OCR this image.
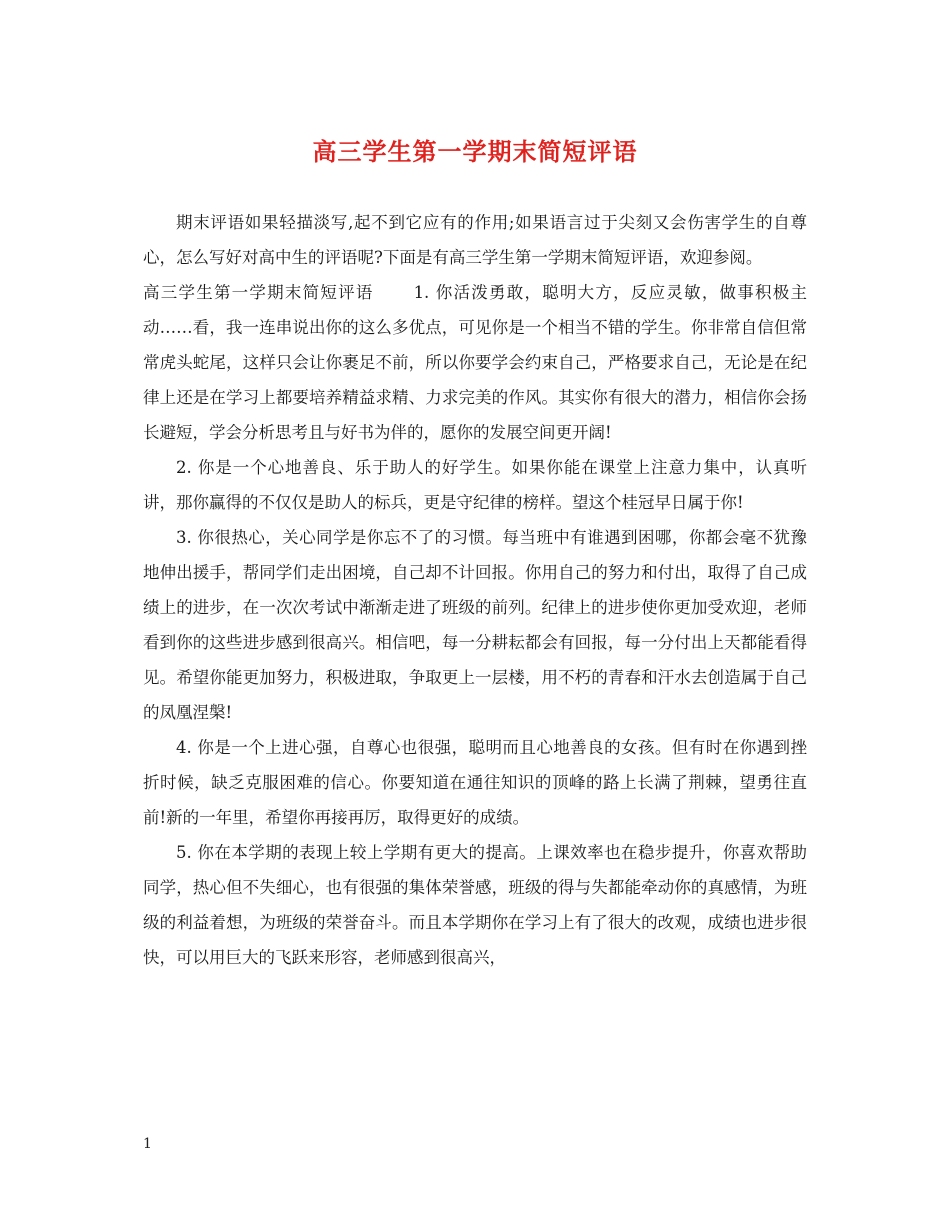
高三学生第一学期末简短评语

期末评语如果轻描淡写,起不到它应有的作用;如果语言过于尖刻又会伤害学生的自尊心，怎么写好对高中生的评语呢?下面是有高三学生第一学期末简短评语，欢迎参阅。

高三学生第一学期末简短评语 1. 你活泼勇敢，聪明大方，反应灵敏，做事积极主动……看，我一连串说出你的这么多优点，可见你是一个相当不错的学生。你非常自信但常常虎头蛇尾，这样只会让你裹足不前，所以你要学会约束自己，严格要求自己，无论是在纪律上还是在学习上都要培养精益求精、力求完美的作风。其实你有很大的潜力，相信你会扬长避短，学会分析思考且与好书为伴的，愿你的发展空间更开阔!

2. 你是一个心地善良、乐于助人的好学生。如果你能在课堂上注意力集中，认真听讲，那你赢得的不仅仅是助人的标兵，更是守纪律的榜样。望这个桂冠早日属于你!

3. 你很热心，关心同学是你忘不了的习惯。每当班中有谁遇到困哪，你都会毫不犹豫地伸出援手，帮同学们走出困境，自己却不计回报。你用自己的努力和付出，取得了自己成绩上的进步，在一次次考试中渐渐走进了班级的前列。纪律上的进步使你更加受欢迎，老师看到你的这些进步感到很高兴。相信吧，每一分耕耘都会有回报，每一分付出上天都能看得见。希望你能更加努力，积极进取，争取更上一层楼，用不朽的青春和汗水去创造属于自己的凤凰涅槃!

4. 你是一个上进心强，自尊心也很强，聪明而且心地善良的女孩。但有时在你遇到挫折时候，缺乏克服困难的信心。你要知道在通往知识的顶峰的路上长满了荆棘，望勇往直前!新的一年里，希望你再接再厉，取得更好的成绩。

5. 你在本学期的表现上较上学期有更大的提高。上课效率也在稳步提升，你喜欢帮助同学，热心但不失细心，也有很强的集体荣誉感，班级的得与失都能牵动你的真感情，为班级的利益着想，为班级的荣誉奋斗。而且本学期你在学习上有了很大的改观，成绩也进步很快，可以用巨大的飞跃来形容，老师感到很高兴，

1
